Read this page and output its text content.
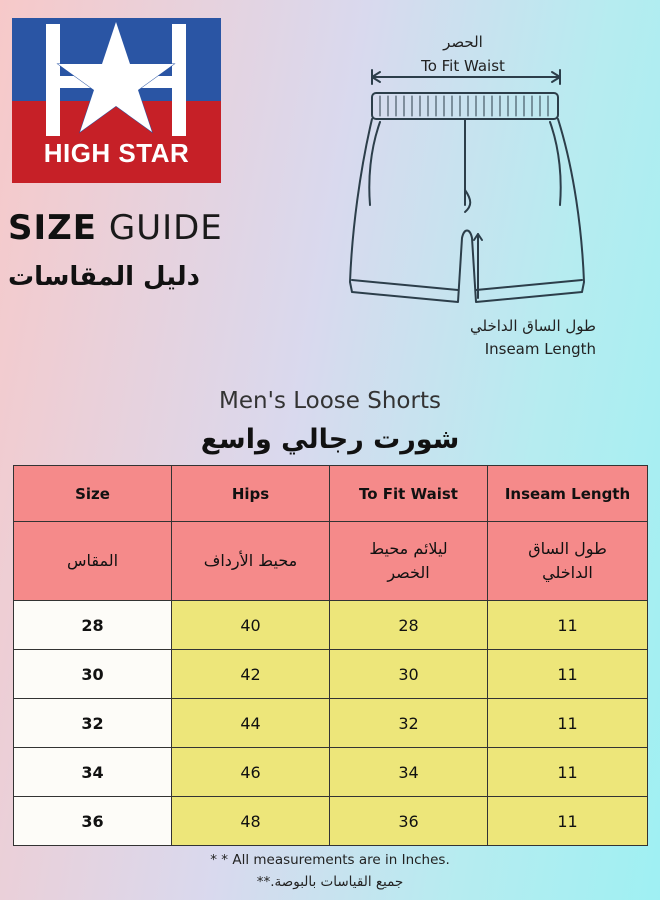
HIGH STAR
SIZE GUIDE
دليل المقاسات
الحصر
To Fit Waist
طول الساق الداخلي
Inseam Length
Men's Loose Shorts
شورت رجالي واسع
Size	Hips	To Fit Waist	Inseam Length
المقاس	محيط الأرداف	ليلائم محيط الخصر	طول الساق الداخلي
28	40	28	11
30	42	30	11
32	44	32	11
34	46	34	11
36	48	36	11
* * All measurements are in Inches.
جميع القياسات بالبوصة.**
